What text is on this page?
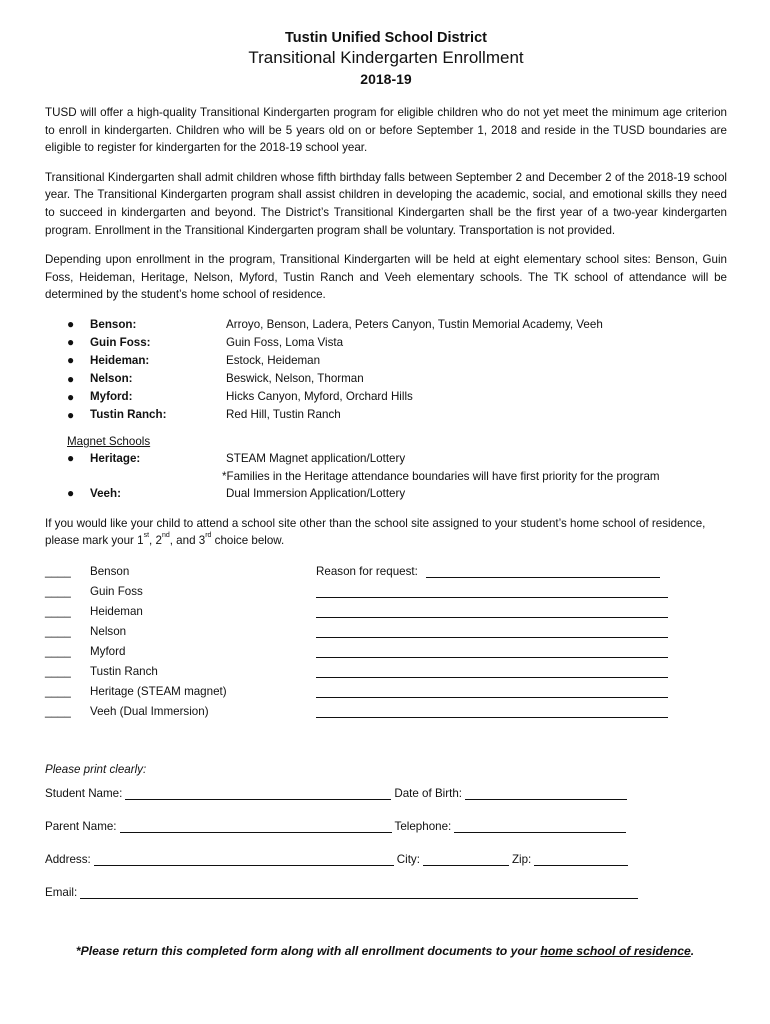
Tustin Unified School District
Transitional Kindergarten Enrollment
2018-19

TUSD will offer a high-quality Transitional Kindergarten program for eligible children who do not yet meet the minimum age criterion to enroll in kindergarten. Children who will be 5 years old on or before September 1, 2018 and reside in the TUSD boundaries are eligible to register for kindergarten for the 2018-19 school year.

Transitional Kindergarten shall admit children whose fifth birthday falls between September 2 and December 2 of the 2018-19 school year. The Transitional Kindergarten program shall assist children in developing the academic, social, and emotional skills they need to succeed in kindergarten and beyond. The District’s Transitional Kindergarten shall be the first year of a two-year kindergarten program. Enrollment in the Transitional Kindergarten program shall be voluntary. Transportation is not provided.

Depending upon enrollment in the program, Transitional Kindergarten will be held at eight elementary school sites: Benson, Guin Foss, Heideman, Heritage, Nelson, Myford, Tustin Ranch and Veeh elementary schools. The TK school of attendance will be determined by the student’s home school of residence.

●	Benson:	Arroyo, Benson, Ladera, Peters Canyon, Tustin Memorial Academy, Veeh
●	Guin Foss:	Guin Foss, Loma Vista
●	Heideman:	Estock, Heideman
●	Nelson:	Beswick, Nelson, Thorman
●	Myford:	Hicks Canyon, Myford, Orchard Hills
●	Tustin Ranch:	Red Hill, Tustin Ranch
Magnet Schools
●	Heritage:	STEAM Magnet application/Lottery
*Families in the Heritage attendance boundaries will have first priority for the program
●	Veeh:	Dual Immersion Application/Lottery

If you would like your child to attend a school site other than the school site assigned to your student’s home school of residence, please mark your 1st, 2nd, and 3rd choice below.

____	Benson	Reason for request:
____	Guin Foss
____	Heideman
____	Nelson
____	Myford
____	Tustin Ranch
____	Heritage (STEAM magnet)
____	Veeh (Dual Immersion)
Please print clearly:
Student Name:	Date of Birth:
Parent Name:	Telephone:
Address:	City:	Zip:
Email:
*Please return this completed form along with all enrollment documents to your home school of residence.
